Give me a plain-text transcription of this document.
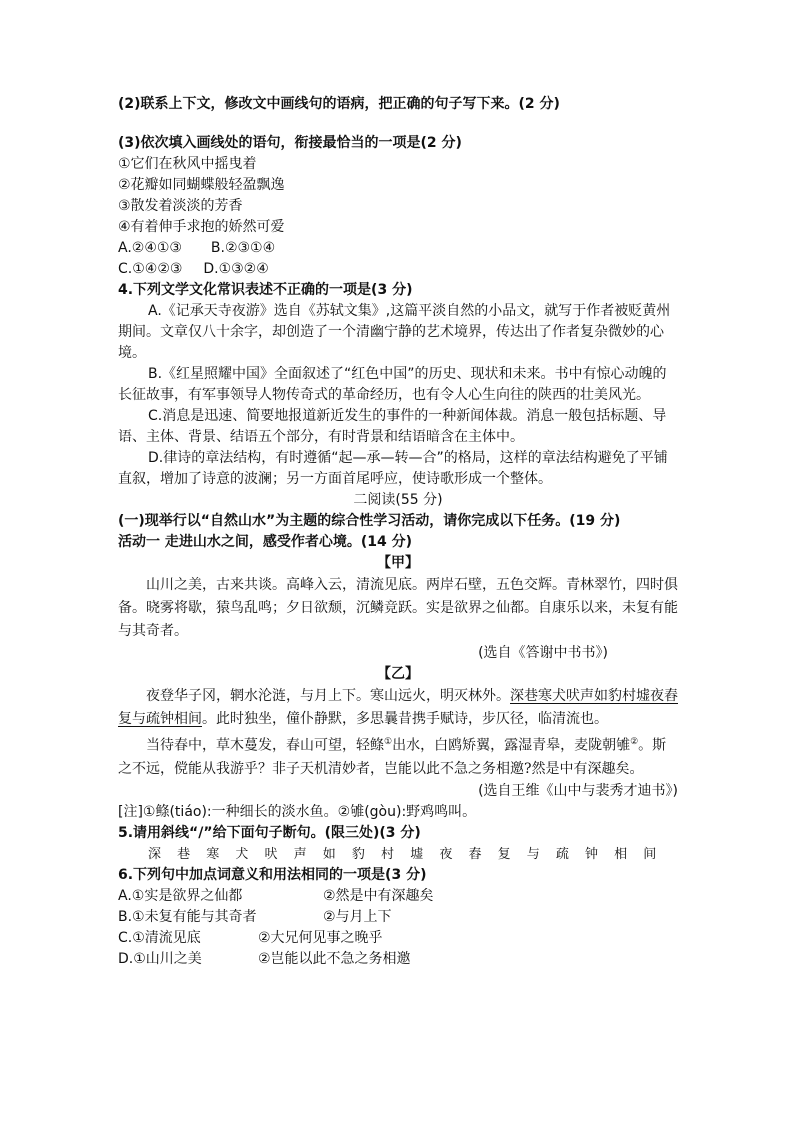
(2)联系上下文，修改文中画线句的语病，把正确的句子写下来。(2 分)
(3)依次填入画线处的语句，衔接最恰当的一项是(2 分)
①它们在秋风中摇曳着
②花瓣如同蝴蝶般轻盈飘逸
③散发着淡淡的芳香
④有着伸手求抱的娇然可爱
A.②④①③ B.②③①④
C.①④②③ D.①③②④
4.下列文学文化常识表述不正确的一项是(3 分)
A.《记承天寺夜游》选自《苏轼文集》,这篇平淡自然的小品文，就写于作者被贬黄州期间。文章仅八十余字，却创造了一个清幽宁静的艺术境界，传达出了作者复杂微妙的心境。
B.《红星照耀中国》全面叙述了“红色中国”的历史、现状和未来。书中有惊心动魄的长征故事，有军事领导人物传奇式的革命经历，也有令人心生向往的陕西的壮美风光。
C.消息是迅速、简要地报道新近发生的事件的一种新闻体裁。消息一般包括标题、导语、主体、背景、结语五个部分，有时背景和结语暗含在主体中。
D.律诗的章法结构，有时遵循“起—承—转—合”的格局，这样的章法结构避免了平铺直叙，增加了诗意的波澜；另一方面首尾呼应，使诗歌形成一个整体。
二阅读(55 分)
(一)现举行以“自然山水”为主题的综合性学习活动，请你完成以下任务。(19 分)
活动一 走进山水之间，感受作者心境。(14 分)
【甲】
山川之美，古来共谈。高峰入云，清流见底。两岸石壁，五色交辉。青林翠竹，四时俱备。晓雾将歇，猿鸟乱鸣；夕日欲颓，沉鳞竞跃。实是欲界之仙都。自康乐以来，未复有能与其奇者。
(选自《答谢中书书》)
【乙】
夜登华子冈，辋水沦涟，与月上下。寒山远火，明灭林外。深巷寒犬吠声如豹村墟夜舂复与疏钟相间。此时独坐，僮仆静默，多思曩昔携手赋诗，步仄径，临清流也。
当待春中，草木蔓发，春山可望，轻鲦①出水，白鸥矫翼，露湿青皋，麦陇朝雊②。斯之不远，傥能从我游乎？非子天机清妙者，岂能以此不急之务相邀?然是中有深趣矣。
(选自王维《山中与裴秀才迪书》)
[注]①鲦(tiáo):一种细长的淡水鱼。②雊(gòu):野鸡鸣叫。
5.请用斜线“/”给下面句子断句。(限三处)(3 分)
深 巷 寒 犬 吠 声 如 豹 村 墟 夜 舂 复 与 疏 钟 相 间
6.下列句中加点词意义和用法相同的一项是(3 分)
A.①实是欲界之仙都	②然是中有深趣矣
B.①未复有能与其奇者	②与月上下
C.①清流见底	②大兄何见事之晚乎
D.①山川之美	②岂能以此不急之务相邀
